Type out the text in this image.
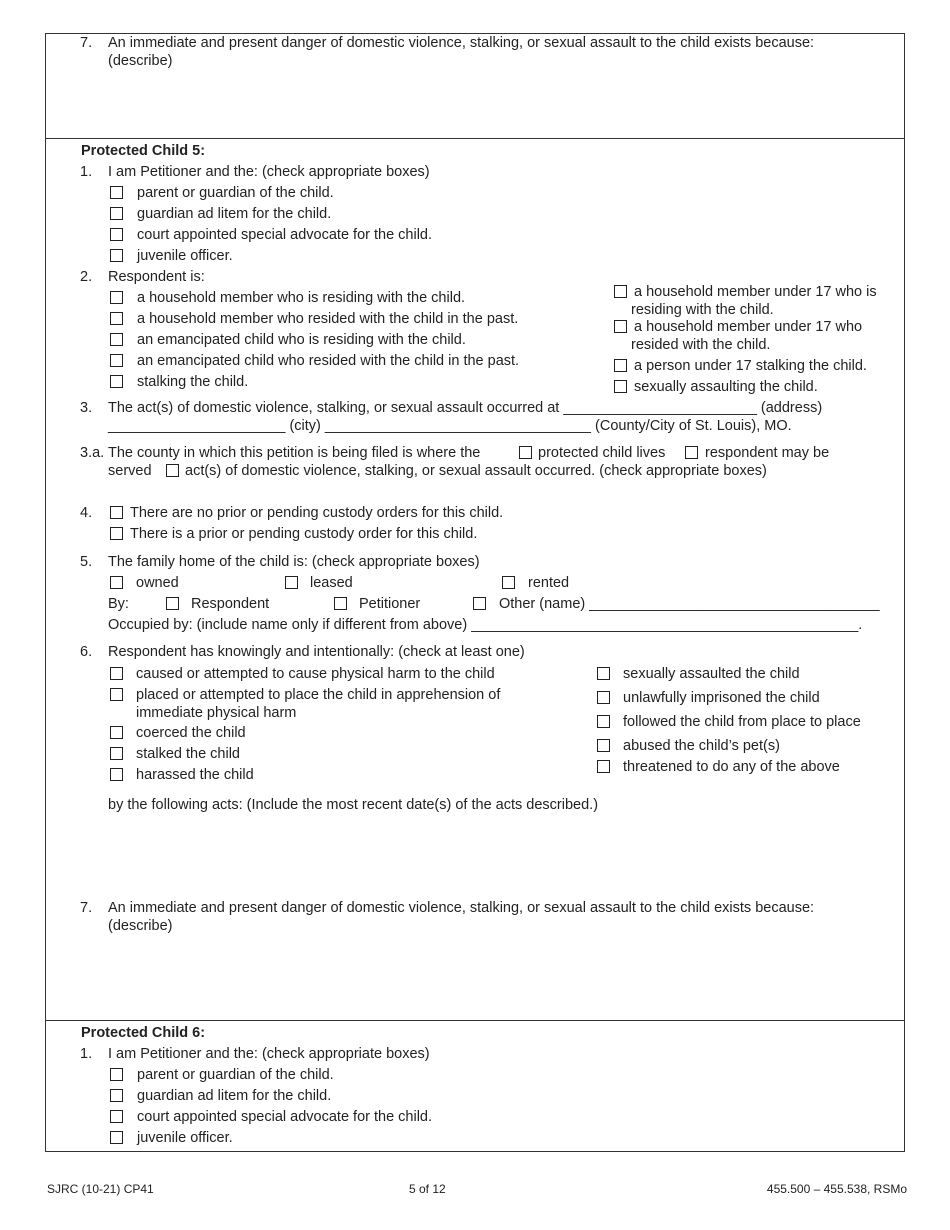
7. An immediate and present danger of domestic violence, stalking, or sexual assault to the child exists because:
(describe)
Protected Child 5:
1. I am Petitioner and the: (check appropriate boxes)
parent or guardian of the child.
guardian ad litem for the child.
court appointed special advocate for the child.
juvenile officer.
2. Respondent is:
a household member who is residing with the child.
a household member who resided with the child in the past.
an emancipated child who is residing with the child.
an emancipated child who resided with the child in the past.
stalking the child.
a household member under 17 who is
residing with the child.
a household member under 17 who
resided with the child.
a person under 17 stalking the child.
sexually assaulting the child.
3. The act(s) of domestic violence, stalking, or sexual assault occurred at ________________________ (address)
______________________ (city) _________________________________ (County/City of St. Louis), MO.
3.a. The county in which this petition is being filed is where the	protected child lives	respondent may be
served act(s) of domestic violence, stalking, or sexual assault occurred. (check appropriate boxes)
4.	There are no prior or pending custody orders for this child.
There is a prior or pending custody order for this child.
5. The family home of the child is: (check appropriate boxes)
owned	leased	rented
By:	Respondent	Petitioner	Other (name) ____________________________________
Occupied by: (include name only if different from above) ________________________________________________.
6. Respondent has knowingly and intentionally: (check at least one)
caused or attempted to cause physical harm to the child
placed or attempted to place the child in apprehension of
immediate physical harm
coerced the child
stalked the child
harassed the child
sexually assaulted the child
unlawfully imprisoned the child
followed the child from place to place
abused the child’s pet(s)
threatened to do any of the above
by the following acts: (Include the most recent date(s) of the acts described.)
7. An immediate and present danger of domestic violence, stalking, or sexual assault to the child exists because:
(describe)
Protected Child 6:
1. I am Petitioner and the: (check appropriate boxes)
parent or guardian of the child.
guardian ad litem for the child.
court appointed special advocate for the child.
juvenile officer.
SJRC (10-21) CP41	5 of 12	455.500 – 455.538, RSMo
